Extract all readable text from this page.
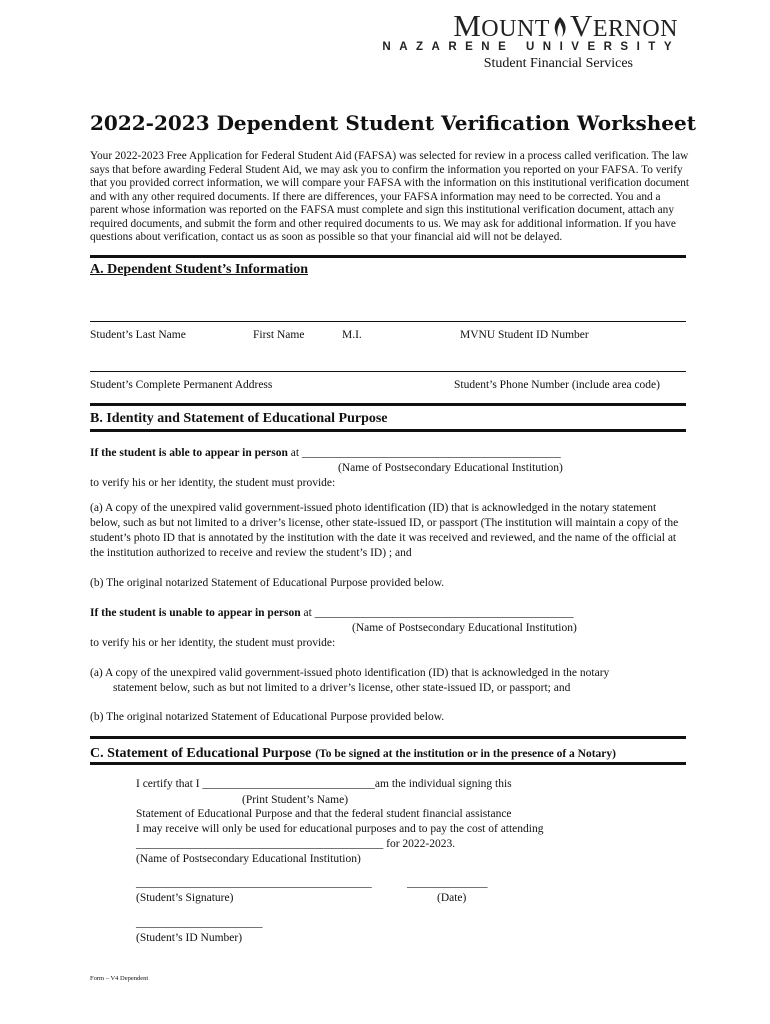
MOUNT VERNON
NAZARENE UNIVERSITY
Student Financial Services
2022-2023 Dependent Student Verification Worksheet
Your 2022-2023 Free Application for Federal Student Aid (FAFSA) was selected for review in a process called verification. The law says that before awarding Federal Student Aid, we may ask you to confirm the information you reported on your FAFSA. To verify that you provided correct information, we will compare your FAFSA with the information on this institutional verification document and with any other required documents. If there are differences, your FAFSA information may need to be corrected. You and a parent whose information was reported on the FAFSA must complete and sign this institutional verification document, attach any required documents, and submit the form and other required documents to us. We may ask for additional information. If you have questions about verification, contact us as soon as possible so that your financial aid will not be delayed.
A. Dependent Student’s Information
Student’s Last Name	First Name	M.I.	MVNU Student ID Number
Student’s Complete Permanent Address	Student’s Phone Number (include area code)
B. Identity and Statement of Educational Purpose
If the student is able to appear in person at _____________________________________________
(Name of Postsecondary Educational Institution)
to verify his or her identity, the student must provide:
(a) A copy of the unexpired valid government-issued photo identification (ID) that is acknowledged in the notary statement below, such as but not limited to a driver’s license, other state-issued ID, or passport (The institution will maintain a copy of the student’s photo ID that is annotated by the institution with the date it was received and reviewed, and the name of the official at the institution authorized to receive and review the student’s ID) ; and
(b) The original notarized Statement of Educational Purpose provided below.
If the student is unable to appear in person at _____________________________________________
(Name of Postsecondary Educational Institution)
to verify his or her identity, the student must provide:
(a) A copy of the unexpired valid government-issued photo identification (ID) that is acknowledged in the notary
statement below, such as but not limited to a driver’s license, other state-issued ID, or passport; and
(b) The original notarized Statement of Educational Purpose provided below.
C. Statement of Educational Purpose (To be signed at the institution or in the presence of a Notary)
I certify that I ______________________________am the individual signing this
(Print Student’s Name)
Statement of Educational Purpose and that the federal student financial assistance
I may receive will only be used for educational purposes and to pay the cost of attending
___________________________________________ for 2022-2023.
(Name of Postsecondary Educational Institution)
_________________________________________	______________
(Student’s Signature)	(Date)
______________________
(Student’s ID Number)
Form – V4 Dependent
